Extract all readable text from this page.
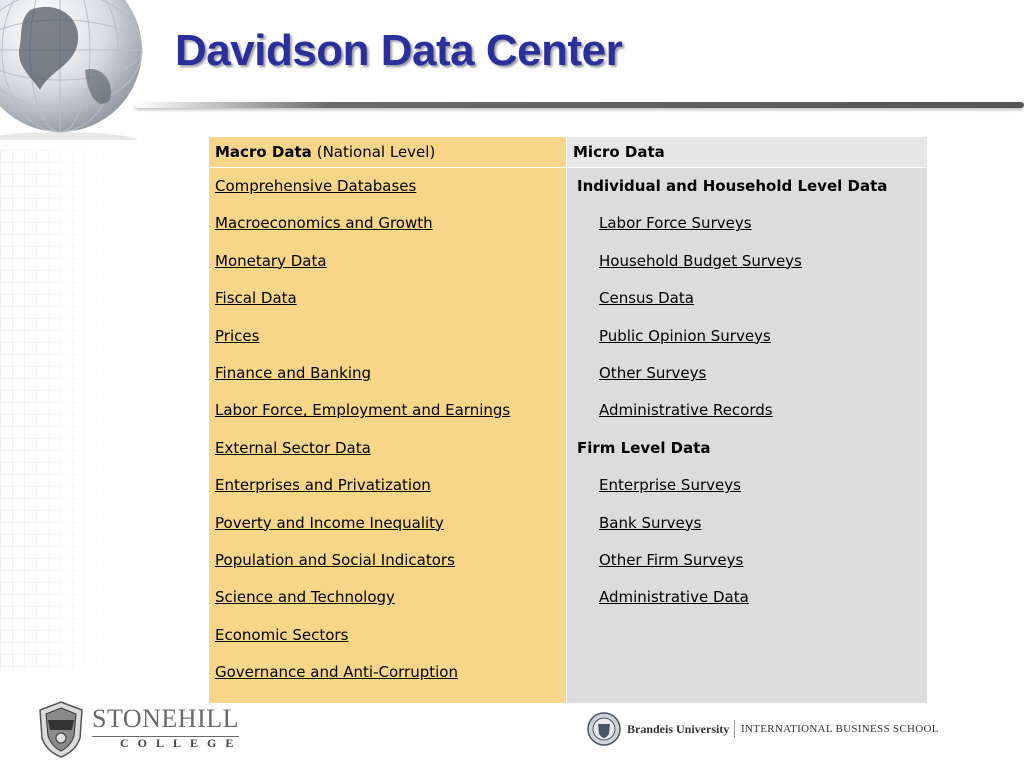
Davidson Data Center
Macro Data (National Level)
Comprehensive Databases
Macroeconomics and Growth
Monetary Data
Fiscal Data
Prices
Finance and Banking
Labor Force, Employment and Earnings
External Sector Data
Enterprises and Privatization
Poverty and Income Inequality
Population and Social Indicators
Science and Technology
Economic Sectors
Governance and Anti-Corruption
Micro Data
Individual and Household Level Data
Labor Force Surveys
Household Budget Surveys
Census Data
Public Opinion Surveys
Other Surveys
Administrative Records
Firm Level Data
Enterprise Surveys
Bank Surveys
Other Firm Surveys
Administrative Data
STONEHILL
COLLEGE
Brandeis University INTERNATIONAL BUSINESS SCHOOL
